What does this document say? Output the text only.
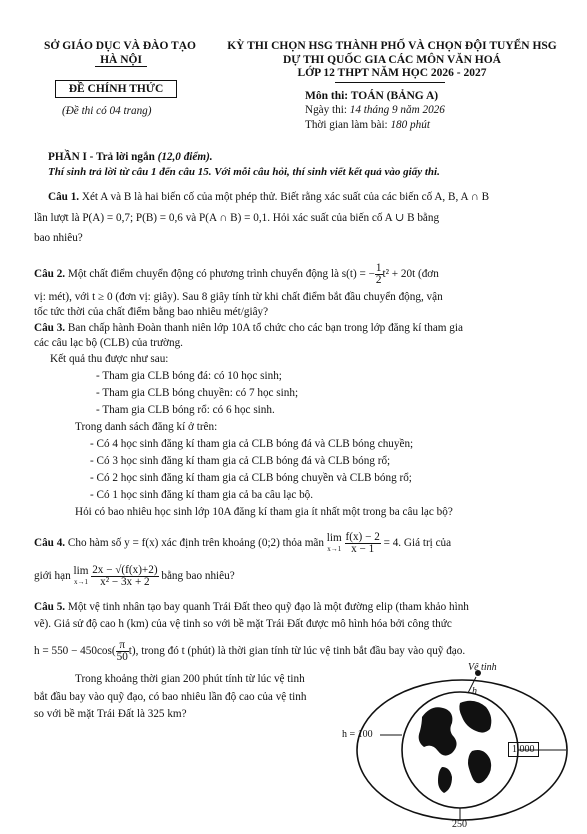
SỞ GIÁO DỤC VÀ ĐÀO TẠO
HÀ NỘI
KỲ THI CHỌN HSG THÀNH PHỐ VÀ CHỌN ĐỘI TUYỂN HSG
DỰ THI QUỐC GIA CÁC MÔN VĂN HOÁ
LỚP 12 THPT NĂM HỌC 2026 - 2027
ĐỀ CHÍNH THỨC
(Đề thi có 04 trang)
Môn thi: TOÁN (BẢNG A)
Ngày thi: 14 tháng 9 năm 2026
Thời gian làm bài: 180 phút
PHẦN I - Trả lời ngắn (12,0 điểm).
Thí sinh trả lời từ câu 1 đến câu 15. Với mỗi câu hỏi, thí sinh viết kết quả vào giấy thi.
Câu 1. Xét A và B là hai biến cố của một phép thử. Biết rằng xác suất của các biến cố A, B, A ∩ B
lần lượt là P(A) = 0,7; P(B) = 0,6 và P(A ∩ B) = 0,1. Hỏi xác suất của biến cố A ∪ B bằng
bao nhiêu?
Câu 2. Một chất điểm chuyển động có phương trình chuyển động là s(t) = − $\frac{1}{2} t^2 + 20t$ (đơn
vị: mét), với t ≥ 0 (đơn vị: giây). Sau 8 giây tính từ khi chất điểm bắt đầu chuyển động, vận
tốc tức thời của chất điểm bằng bao nhiêu mét/giây?
Câu 3. Ban chấp hành Đoàn thanh niên lớp 10A tổ chức cho các bạn trong lớp đăng kí tham gia
các câu lạc bộ (CLB) của trường.
Kết quả thu được như sau:
- Tham gia CLB bóng đá: có 10 học sinh;
- Tham gia CLB bóng chuyền: có 7 học sinh;
- Tham gia CLB bóng rổ: có 6 học sinh.
Trong danh sách đăng kí ở trên:
- Có 4 học sinh đăng kí tham gia cả CLB bóng đá và CLB bóng chuyền;
- Có 3 học sinh đăng kí tham gia cả CLB bóng đá và CLB bóng rổ;
- Có 2 học sinh đăng kí tham gia cả CLB bóng chuyền và CLB bóng rổ;
- Có 1 học sinh đăng kí tham gia cả ba câu lạc bộ.
Hỏi có bao nhiêu học sinh lớp 10A đăng kí tham gia ít nhất một trong ba câu lạc bộ?
Câu 4. Cho hàm số y = f(x) xác định trên khoảng (0;2) thỏa mãn lim
x→1
$\frac{f(x) - 2}{x - 1} = 4$. Giá trị của
giới hạn lim
x→1
$\frac{2x - √(f(x)+2)}{\text{x² − 3x + 2}}$ bằng bao nhiêu?
Câu 5. Một vệ tinh nhân tạo bay quanh Trái Đất theo quỹ đạo là một đường elip (tham khảo hình
vẽ). Giả sử độ cao h (km) của vệ tinh so với bề mặt Trái Đất được mô hình hóa bởi công thức
$h = 550 - 450\cos( \frac{\pi}{50} t)$, trong đó t (phút) là thời gian tính từ lúc vệ tinh bắt đầu bay vào quỹ đạo.
Trong khoảng thời gian 200 phút tính từ lúc vệ tinh
bắt đầu bay vào quỹ đạo, có bao nhiêu lần độ cao của vệ tinh
so với bề mặt Trái Đất là 325 km?
Vệ tinh
h
h = 100
1 000
250
